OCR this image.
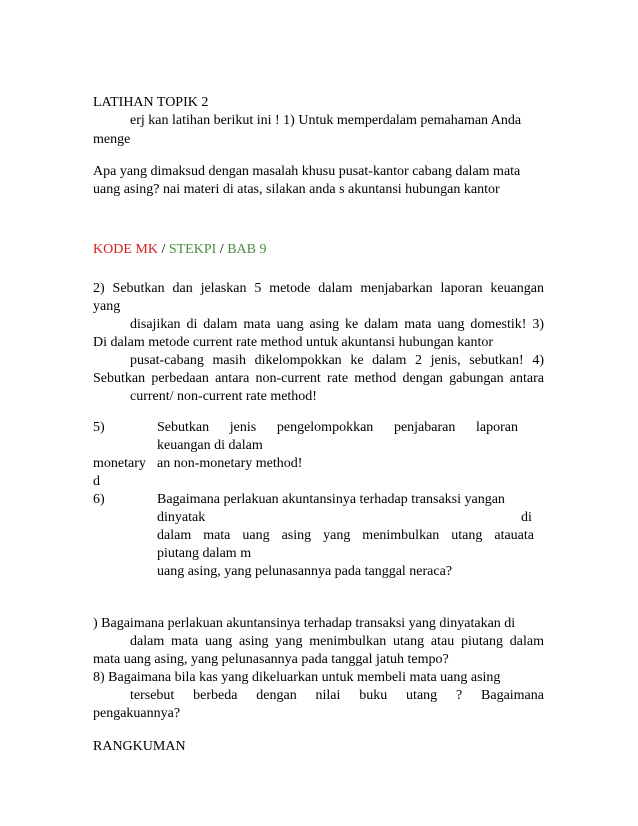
LATIHAN TOPIK 2
erj kan latihan berikut ini ! 1) Untuk memperdalam pemahaman Anda
menge
Apa yang dimaksud dengan masalah khusu pusat-kantor cabang dalam mata
uang asing? nai materi di atas, silakan anda s akuntansi hubungan kantor
KODE MK / STEKPI / BAB 9
2) Sebutkan dan jelaskan 5 metode dalam menjabarkan laporan keuangan
yang
disajikan di dalam mata uang asing ke dalam mata uang domestik! 3)
Di dalam metode current rate method untuk akuntansi hubungan kantor
pusat-cabang masih dikelompokkan ke dalam 2 jenis, sebutkan! 4)
Sebutkan perbedaan antara non-current rate method dengan gabungan antara
current/ non-current rate method!
5)	Sebutkan jenis pengelompokkan penjabaran laporan
keuangan di dalam
monetary an non-monetary method!
d
6)	Bagaimana perlakuan akuntansinya terhadap transaksi yangan
dinyatak	di
dalam mata uang asing yang menimbulkan utang atauata
piutang dalam m
uang asing, yang pelunasannya pada tanggal neraca?
) Bagaimana perlakuan akuntansinya terhadap transaksi yang dinyatakan di
dalam mata uang asing yang menimbulkan utang atau piutang dalam
mata uang asing, yang pelunasannya pada tanggal jatuh tempo?
8) Bagaimana bila kas yang dikeluarkan untuk membeli mata uang asing
tersebut berbeda dengan nilai buku utang ? Bagaimana
pengakuannya?
RANGKUMAN
